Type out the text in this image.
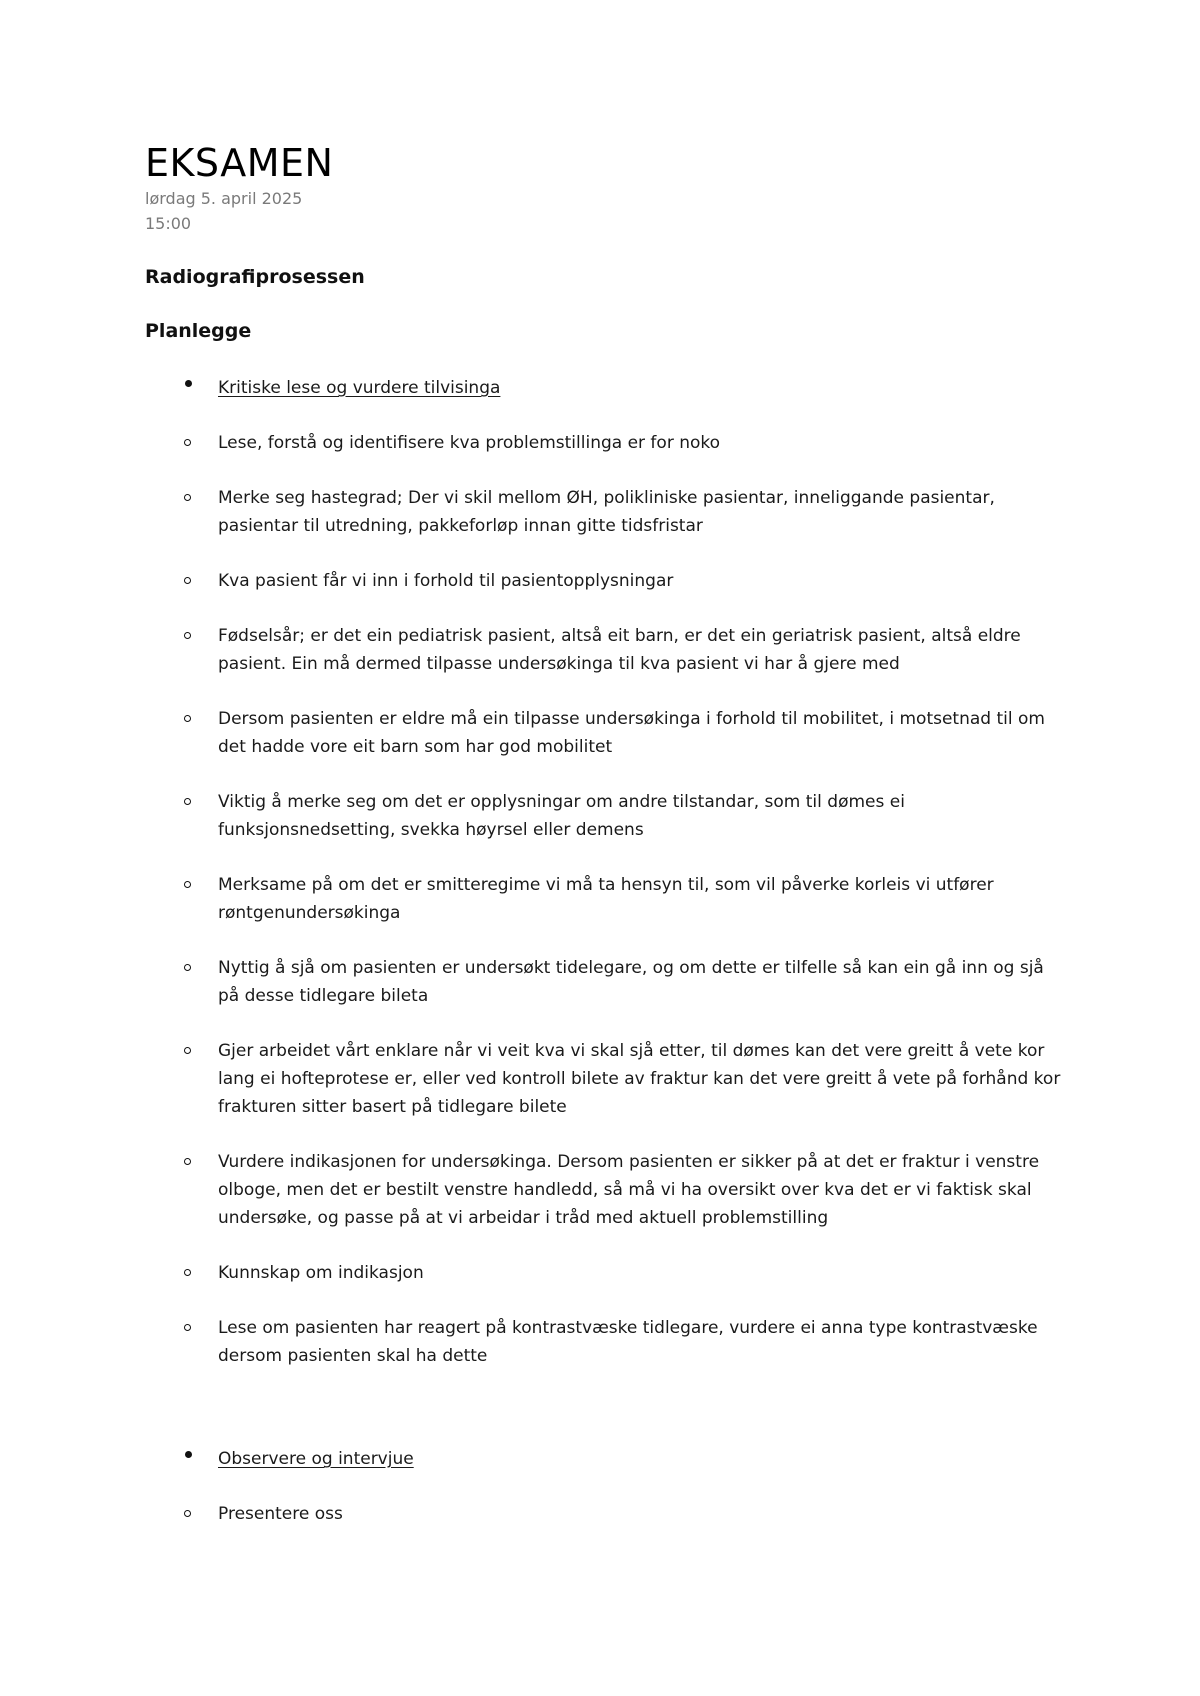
EKSAMEN
lørdag 5. april 2025
15:00
Radiografiprosessen
Planlegge
Kritiske lese og vurdere tilvisinga
Lese, forstå og identifisere kva problemstillinga er for noko
Merke seg hastegrad; Der vi skil mellom ØH, polikliniske pasientar, inneliggande pasientar, pasientar til utredning, pakkeforløp innan gitte tidsfristar
Kva pasient får vi inn i forhold til pasientopplysningar
Fødselsår; er det ein pediatrisk pasient, altså eit barn, er det ein geriatrisk pasient, altså eldre pasient. Ein må dermed tilpasse undersøkinga til kva pasient vi har å gjere med
Dersom pasienten er eldre må ein tilpasse undersøkinga i forhold til mobilitet, i motsetnad til om det hadde vore eit barn som har god mobilitet
Viktig å merke seg om det er opplysningar om andre tilstandar, som til dømes ei funksjonsnedsetting, svekka høyrsel eller demens
Merksame på om det er smitteregime vi må ta hensyn til, som vil påverke korleis vi utfører røntgenundersøkinga
Nyttig å sjå om pasienten er undersøkt tidelegare, og om dette er tilfelle så kan ein gå inn og sjå på desse tidlegare bileta
Gjer arbeidet vårt enklare når vi veit kva vi skal sjå etter, til dømes kan det vere greitt å vete kor lang ei hofteprotese er, eller ved kontroll bilete av fraktur kan det vere greitt å vete på forhånd kor frakturen sitter basert på tidlegare bilete
Vurdere indikasjonen for undersøkinga. Dersom pasienten er sikker på at det er fraktur i venstre olboge, men det er bestilt venstre handledd, så må vi ha oversikt over kva det er vi faktisk skal undersøke, og passe på at vi arbeidar i tråd med aktuell problemstilling
Kunnskap om indikasjon
Lese om pasienten har reagert på kontrastvæske tidlegare, vurdere ei anna type kontrastvæske dersom pasienten skal ha dette
Observere og intervjue
Presentere oss
